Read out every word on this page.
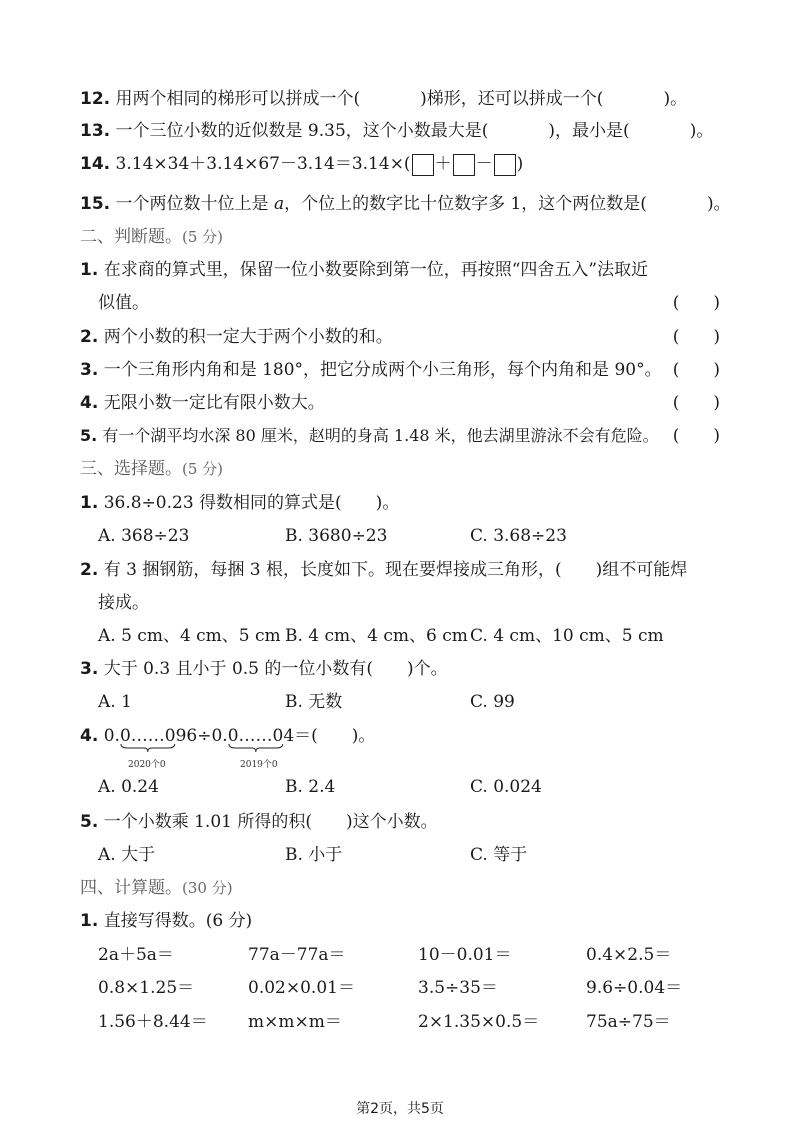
12. 用两个相同的梯形可以拼成一个(	)梯形，还可以拼成一个(	)。
13. 一个三位小数的近似数是 9.35，这个小数最大是(	)，最小是(	)。
14. 3.14×34＋3.14×67－3.14＝3.14×( ＋ － )
15. 一个两位数十位上是 a，个位上的数字比十位数字多 1，这个两位数是(	)。
二、判断题。(5 分)
1. 在求商的算式里，保留一位小数要除到第一位，再按照“四舍五入”法取近
似值。	(　　)
2. 两个小数的积一定大于两个小数的和。	(　　)
3. 一个三角形内角和是 180°，把它分成两个小三角形，每个内角和是 90°。 (　　)
4. 无限小数一定比有限小数大。	(　　)
5. 有一个湖平均水深 80 厘米，赵明的身高 1.48 米，他去湖里游泳不会有危险。 (　　)
三、选择题。(5 分)
1. 36.8÷0.23 得数相同的算式是(　　)。
A. 368÷23	B. 3680÷23	C. 3.68÷23
2. 有 3 捆钢筋，每捆 3 根，长度如下。现在要焊接成三角形，(　　)组不可能焊
接成。
A. 5 cm、4 cm、5 cm B. 4 cm、4 cm、6 cm C. 4 cm、10 cm、5 cm
3. 大于 0.3 且小于 0.5 的一位小数有(　　)个。
A. 1	B. 无数	C. 99
4. 0.0……0
96÷0.0……0
4＝(　　)。
2020个0	2019个0
A. 0.24	B. 2.4	C. 0.024
5. 一个小数乘 1.01 所得的积(　　)这个小数。
A. 大于	B. 小于	C. 等于
四、计算题。(30 分)
1. 直接写得数。(6 分)
2a＋5a＝	77a－77a＝	10－0.01＝	0.4×2.5＝
0.8×1.25＝	0.02×0.01＝	3.5÷35＝	9.6÷0.04＝
1.56＋8.44＝ m×m×m＝	2×1.35×0.5＝	75a÷75＝
第2页，共5页
